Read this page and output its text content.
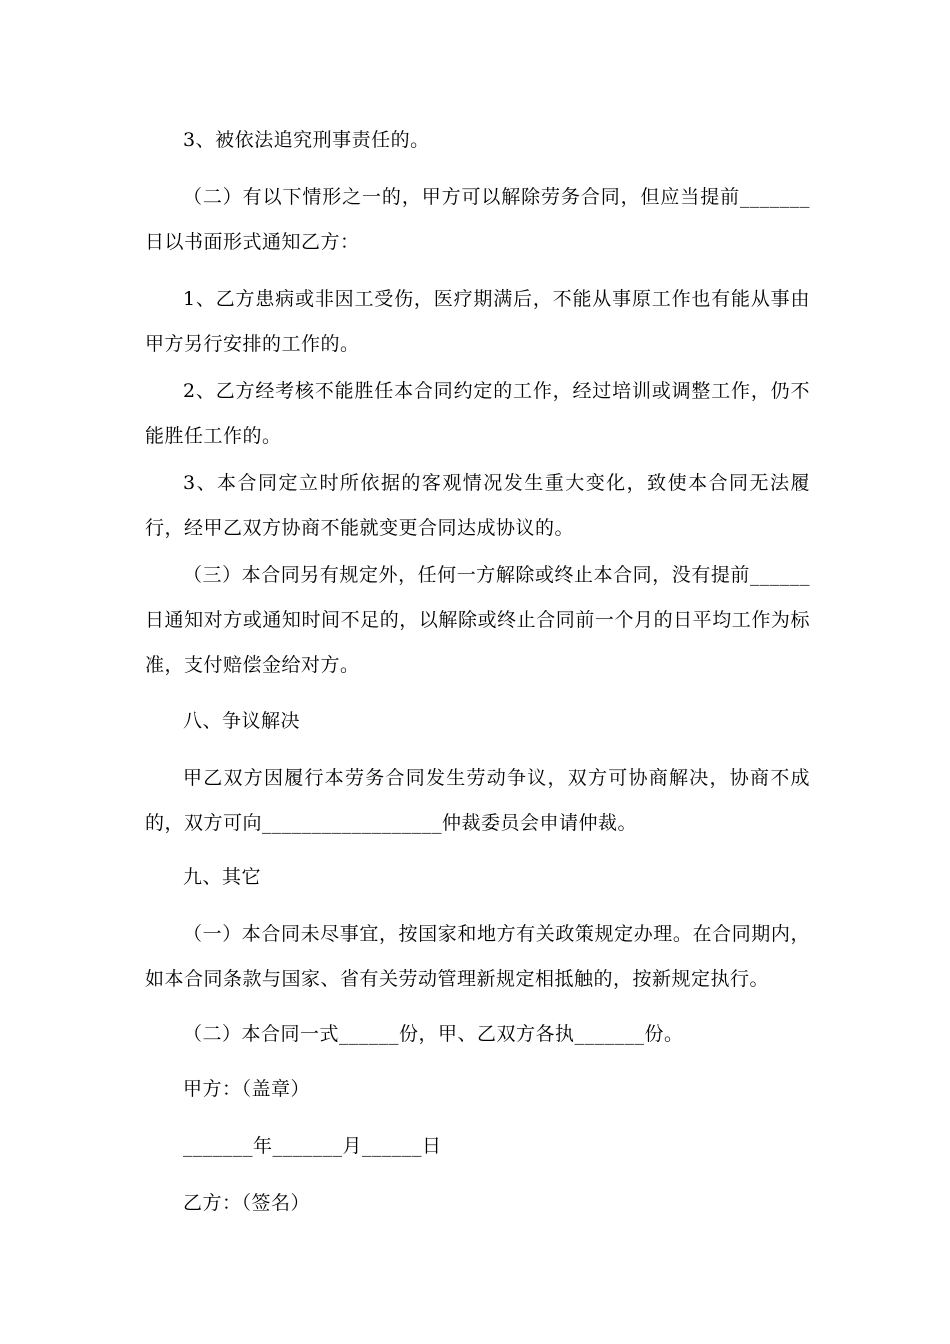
3、被依法追究刑事责任的。

（二）有以下情形之一的，甲方可以解除劳务合同，但应当提前_______日以书面形式通知乙方：

1、乙方患病或非因工受伤，医疗期满后，不能从事原工作也有能从事由甲方另行安排的工作的。

2、乙方经考核不能胜任本合同约定的工作，经过培训或调整工作，仍不能胜任工作的。

3、本合同定立时所依据的客观情况发生重大变化，致使本合同无法履行，经甲乙双方协商不能就变更合同达成协议的。

（三）本合同另有规定外，任何一方解除或终止本合同，没有提前______日通知对方或通知时间不足的，以解除或终止合同前一个月的日平均工作为标准，支付赔偿金给对方。

八、争议解决

甲乙双方因履行本劳务合同发生劳动争议，双方可协商解决，协商不成的，双方可向__________________仲裁委员会申请仲裁。

九、其它

（一）本合同未尽事宜，按国家和地方有关政策规定办理。在合同期内，如本合同条款与国家、省有关劳动管理新规定相抵触的，按新规定执行。

（二）本合同一式______份，甲、乙双方各执_______份。

甲方：（盖章）

_______年_______月______日

乙方：（签名）
